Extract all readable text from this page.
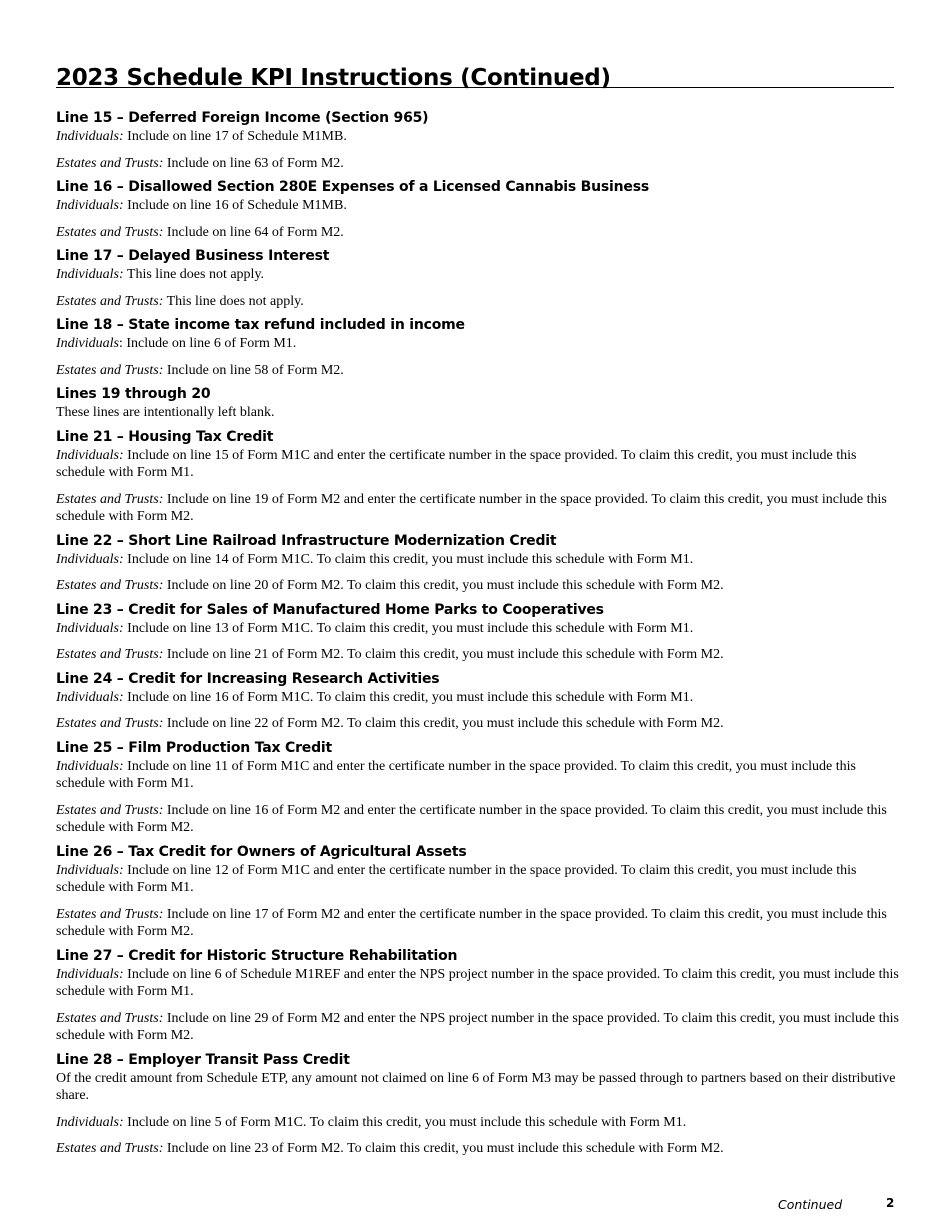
2023 Schedule KPI Instructions (Continued)
Line 15 – Deferred Foreign Income (Section 965)

Individuals: Include on line 17 of Schedule M1MB.

Estates and Trusts: Include on line 63 of Form M2.

Line 16 – Disallowed Section 280E Expenses of a Licensed Cannabis Business

Individuals: Include on line 16 of Schedule M1MB.

Estates and Trusts: Include on line 64 of Form M2.

Line 17 – Delayed Business Interest

Individuals: This line does not apply.

Estates and Trusts: This line does not apply.

Line 18 – State income tax refund included in income

Individuals: Include on line 6 of Form M1.

Estates and Trusts: Include on line 58 of Form M2.

Lines 19 through 20

These lines are intentionally left blank.

Line 21 – Housing Tax Credit

Individuals: Include on line 15 of Form M1C and enter the certificate number in the space provided. To claim this credit, you must include this schedule with Form M1.

Estates and Trusts: Include on line 19 of Form M2 and enter the certificate number in the space provided. To claim this credit, you must include this schedule with Form M2.

Line 22 – Short Line Railroad Infrastructure Modernization Credit

Individuals: Include on line 14 of Form M1C. To claim this credit, you must include this schedule with Form M1.

Estates and Trusts: Include on line 20 of Form M2. To claim this credit, you must include this schedule with Form M2.

Line 23 – Credit for Sales of Manufactured Home Parks to Cooperatives

Individuals: Include on line 13 of Form M1C. To claim this credit, you must include this schedule with Form M1.

Estates and Trusts: Include on line 21 of Form M2. To claim this credit, you must include this schedule with Form M2.

Line 24 – Credit for Increasing Research Activities

Individuals: Include on line 16 of Form M1C. To claim this credit, you must include this schedule with Form M1.

Estates and Trusts: Include on line 22 of Form M2. To claim this credit, you must include this schedule with Form M2.

Line 25 – Film Production Tax Credit

Individuals: Include on line 11 of Form M1C and enter the certificate number in the space provided. To claim this credit, you must include this schedule with Form M1.

Estates and Trusts: Include on line 16 of Form M2 and enter the certificate number in the space provided. To claim this credit, you must include this schedule with Form M2.

Line 26 – Tax Credit for Owners of Agricultural Assets

Individuals: Include on line 12 of Form M1C and enter the certificate number in the space provided. To claim this credit, you must include this schedule with Form M1.

Estates and Trusts: Include on line 17 of Form M2 and enter the certificate number in the space provided. To claim this credit, you must include this schedule with Form M2.

Line 27 – Credit for Historic Structure Rehabilitation

Individuals: Include on line 6 of Schedule M1REF and enter the NPS project number in the space provided. To claim this credit, you must include this schedule with Form M1.

Estates and Trusts: Include on line 29 of Form M2 and enter the NPS project number in the space provided. To claim this credit, you must include this schedule with Form M2.

Line 28 – Employer Transit Pass Credit

Of the credit amount from Schedule ETP, any amount not claimed on line 6 of Form M3 may be passed through to partners based on their distributive share.

Individuals: Include on line 5 of Form M1C. To claim this credit, you must include this schedule with Form M1.

Estates and Trusts: Include on line 23 of Form M2. To claim this credit, you must include this schedule with Form M2.

Continued	2
